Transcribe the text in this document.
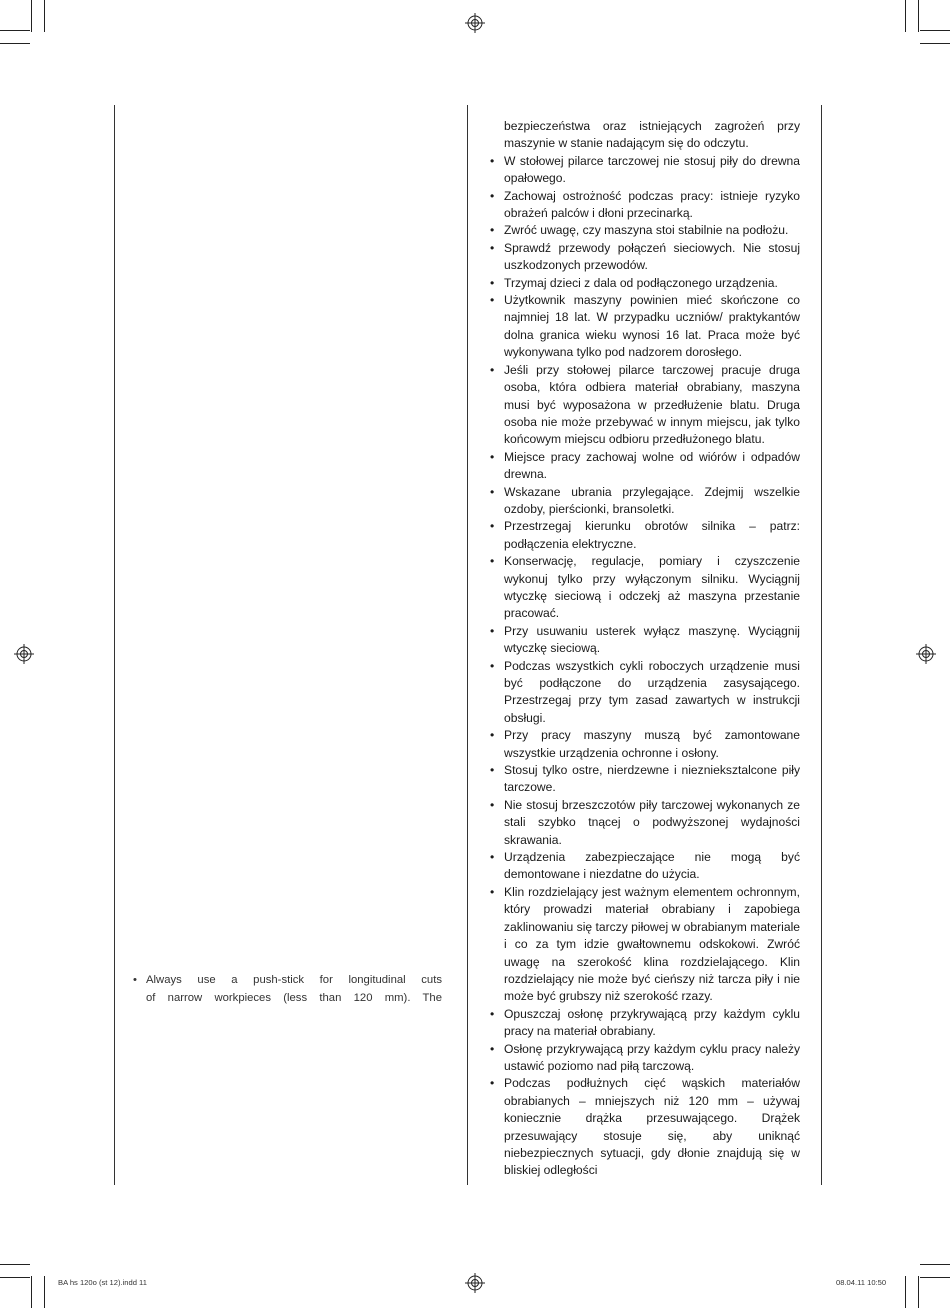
• Always use a push-stick for longitudinal cuts
of narrow workpieces (less than 120 mm). The
bezpieczeństwa oraz istniejących zagrożeń przy maszynie w stanie nadającym się do odczytu.
• W stołowej pilarce tarczowej nie stosuj piły do drewna opałowego.
• Zachowaj ostrożność podczas pracy: istnieje ryzyko obrażeń palców i dłoni przecinarką.
• Zwróć uwagę, czy maszyna stoi stabilnie na podłożu.
• Sprawdź przewody połączeń sieciowych. Nie stosuj uszkodzonych przewodów.
• Trzymaj dzieci z dala od podłączonego urządzenia.
• Użytkownik maszyny powinien mieć skończone co najmniej 18 lat. W przypadku uczniów/ praktykantów dolna granica wieku wynosi 16 lat. Praca może być wykonywana tylko pod nadzorem dorosłego.
• Jeśli przy stołowej pilarce tarczowej pracuje druga osoba, która odbiera materiał obrabiany, maszyna musi być wyposażona w przedłużenie blatu. Druga osoba nie może przebywać w innym miejscu, jak tylko końcowym miejscu odbioru przedłużonego blatu.
• Miejsce pracy zachowaj wolne od wiórów i odpadów drewna.
• Wskazane ubrania przylegające. Zdejmij wszelkie ozdoby, pierścionki, bransoletki.
• Przestrzegaj kierunku obrotów silnika – patrz: podłączenia elektryczne.
• Konserwację, regulacje, pomiary i czyszczenie wykonuj tylko przy wyłączonym silniku. Wyciągnij wtyczkę sieciową i odczekj aż maszyna przestanie pracować.
• Przy usuwaniu usterek wyłącz maszynę. Wyciągnij wtyczkę sieciową.
• Podczas wszystkich cykli roboczych urządzenie musi być podłączone do urządzenia zasysającego. Przestrzegaj przy tym zasad zawartych w instrukcji obsługi.
• Przy pracy maszyny muszą być zamontowane wszystkie urządzenia ochronne i osłony.
• Stosuj tylko ostre, nierdzewne i nieznieksztalcone piły tarczowe.
• Nie stosuj brzeszczotów piły tarczowej wykonanych ze stali szybko tnącej o podwyższonej wydajności skrawania.
• Urządzenia zabezpieczające nie mogą być demontowane i niezdatne do użycia.
• Klin rozdzielający jest ważnym elementem ochronnym, który prowadzi materiał obrabiany i zapobiega zaklinowaniu się tarczy piłowej w obrabianym materiale i co za tym idzie gwałtownemu odskokowi. Zwróć uwagę na szerokość klina rozdzielającego. Klin rozdzielający nie może być cieńszy niż tarcza piły i nie może być grubszy niż szerokość rzazy.
• Opuszczaj osłonę przykrywającą przy każdym cyklu pracy na materiał obrabiany.
• Osłonę przykrywającą przy każdym cyklu pracy należy ustawić poziomo nad piłą tarczową.
• Podczas podłużnych cięć wąskich materiałów obrabianych – mniejszych niż 120 mm – używaj koniecznie drążka przesuwającego. Drążek przesuwający stosuje się, aby uniknąć niebezpiecznych sytuacji, gdy dłonie znajdują się w bliskiej odległości
BA hs 120o (st 12).indd 11	08.04.11 10:50
